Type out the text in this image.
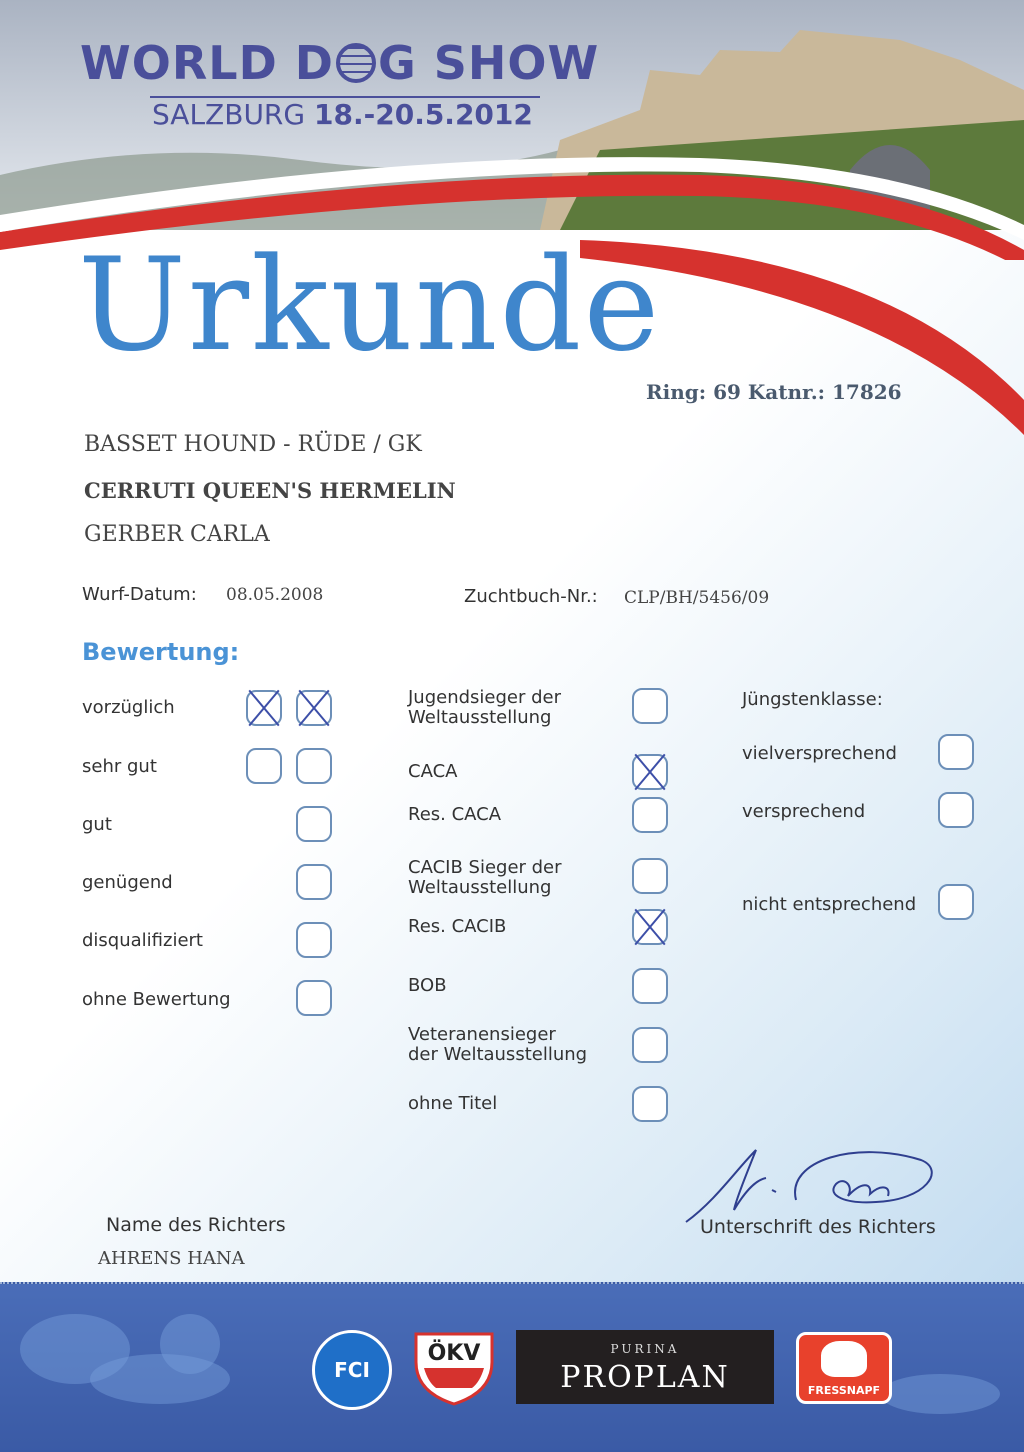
WORLD D G SHOW
SALZBURG 18.-20.5.2012
Urkunde
Ring: 69 Katnr.: 17826
BASSET HOUND - RÜDE / GK
CERRUTI QUEEN'S HERMELIN
GERBER CARLA
Wurf-Datum: 08.05.2008	Zuchtbuch-Nr.: CLP/BH/5456/09
Bewertung:
vorzüglich
sehr gut
gut
genügend
disqualifiziert
ohne Bewertung
Jugendsieger der
Weltausstellung
CACA
Res. CACA
CACIB Sieger der
Weltausstellung
Res. CACIB
BOB
Veteranensieger
der Weltausstellung
ohne Titel
Jüngstenklasse:
vielversprechend
versprechend
nicht entsprechend
Name des Richters
AHRENS HANA
Unterschrift des Richters
FCI
ÖKV	PURINA
PROPLAN	FRESSNAPF
